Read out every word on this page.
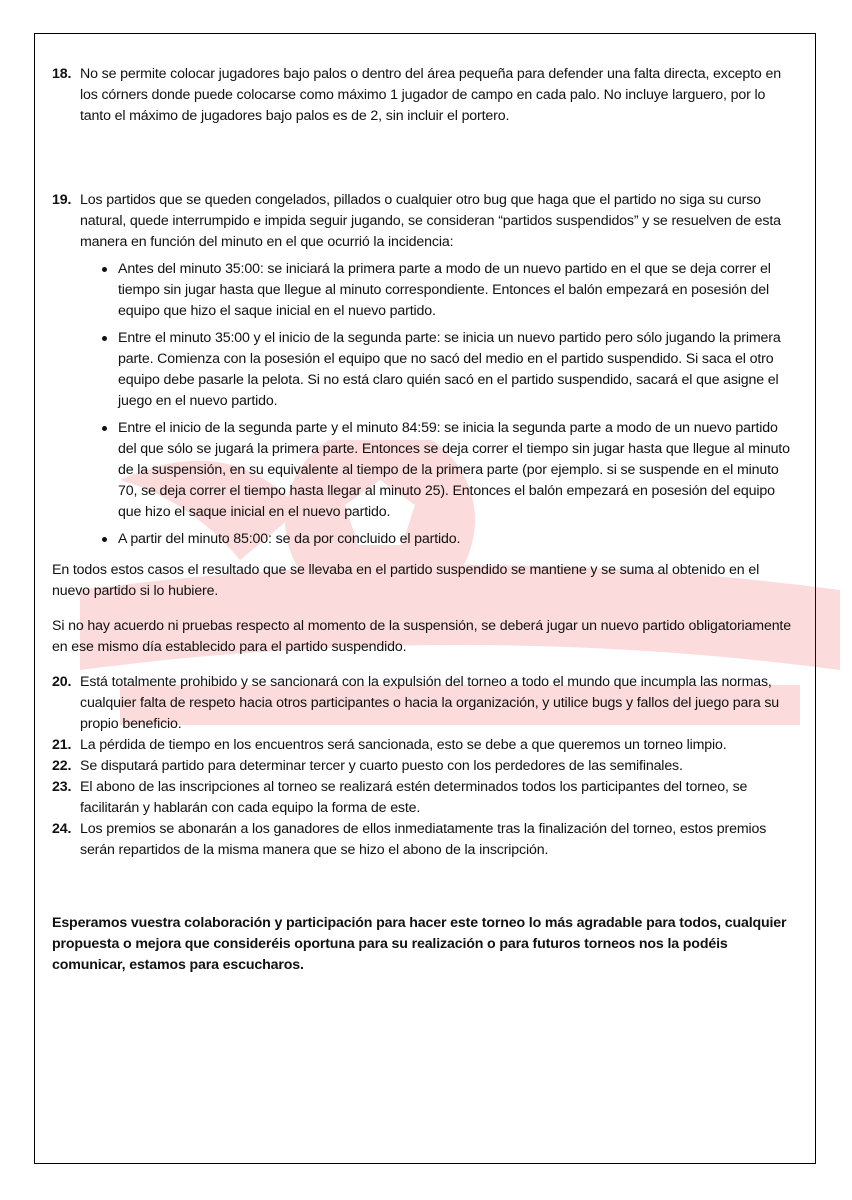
18. No se permite colocar jugadores bajo palos o dentro del área pequeña para defender una falta directa, excepto en los córners donde puede colocarse como máximo 1 jugador de campo en cada palo. No incluye larguero, por lo tanto el máximo de jugadores bajo palos es de 2, sin incluir el portero.

19. Los partidos que se queden congelados, pillados o cualquier otro bug que haga que el partido no siga su curso natural, quede interrumpido e impida seguir jugando, se consideran “partidos suspendidos” y se resuelven de esta manera en función del minuto en el que ocurrió la incidencia:

Antes del minuto 35:00: se iniciará la primera parte a modo de un nuevo partido en el que se deja correr el tiempo sin jugar hasta que llegue al minuto correspondiente. Entonces el balón empezará en posesión del equipo que hizo el saque inicial en el nuevo partido.
Entre el minuto 35:00 y el inicio de la segunda parte: se inicia un nuevo partido pero sólo jugando la primera parte. Comienza con la posesión el equipo que no sacó del medio en el partido suspendido. Si saca el otro equipo debe pasarle la pelota. Si no está claro quién sacó en el partido suspendido, sacará el que asigne el juego en el nuevo partido.
Entre el inicio de la segunda parte y el minuto 84:59: se inicia la segunda parte a modo de un nuevo partido del que sólo se jugará la primera parte. Entonces se deja correr el tiempo sin jugar hasta que llegue al minuto de la suspensión, en su equivalente al tiempo de la primera parte (por ejemplo. si se suspende en el minuto 70, se deja correr el tiempo hasta llegar al minuto 25). Entonces el balón empezará en posesión del equipo que hizo el saque inicial en el nuevo partido.
A partir del minuto 85:00: se da por concluido el partido.

En todos estos casos el resultado que se llevaba en el partido suspendido se mantiene y se suma al obtenido en el nuevo partido si lo hubiere.

Si no hay acuerdo ni pruebas respecto al momento de la suspensión, se deberá jugar un nuevo partido obligatoriamente en ese mismo día establecido para el partido suspendido.

20. Está totalmente prohibido y se sancionará con la expulsión del torneo a todo el mundo que incumpla las normas, cualquier falta de respeto hacia otros participantes o hacia la organización, y utilice bugs y fallos del juego para su propio beneficio.

21. La pérdida de tiempo en los encuentros será sancionada, esto se debe a que queremos un torneo limpio.

22. Se disputará partido para determinar tercer y cuarto puesto con los perdedores de las semifinales.

23. El abono de las inscripciones al torneo se realizará estén determinados todos los participantes del torneo, se facilitarán y hablarán con cada equipo la forma de este.

24. Los premios se abonarán a los ganadores de ellos inmediatamente tras la finalización del torneo, estos premios serán repartidos de la misma manera que se hizo el abono de la inscripción.

Esperamos vuestra colaboración y participación para hacer este torneo lo más agradable para todos, cualquier propuesta o mejora que consideréis oportuna para su realización o para futuros torneos nos la podéis comunicar, estamos para escucharos.
